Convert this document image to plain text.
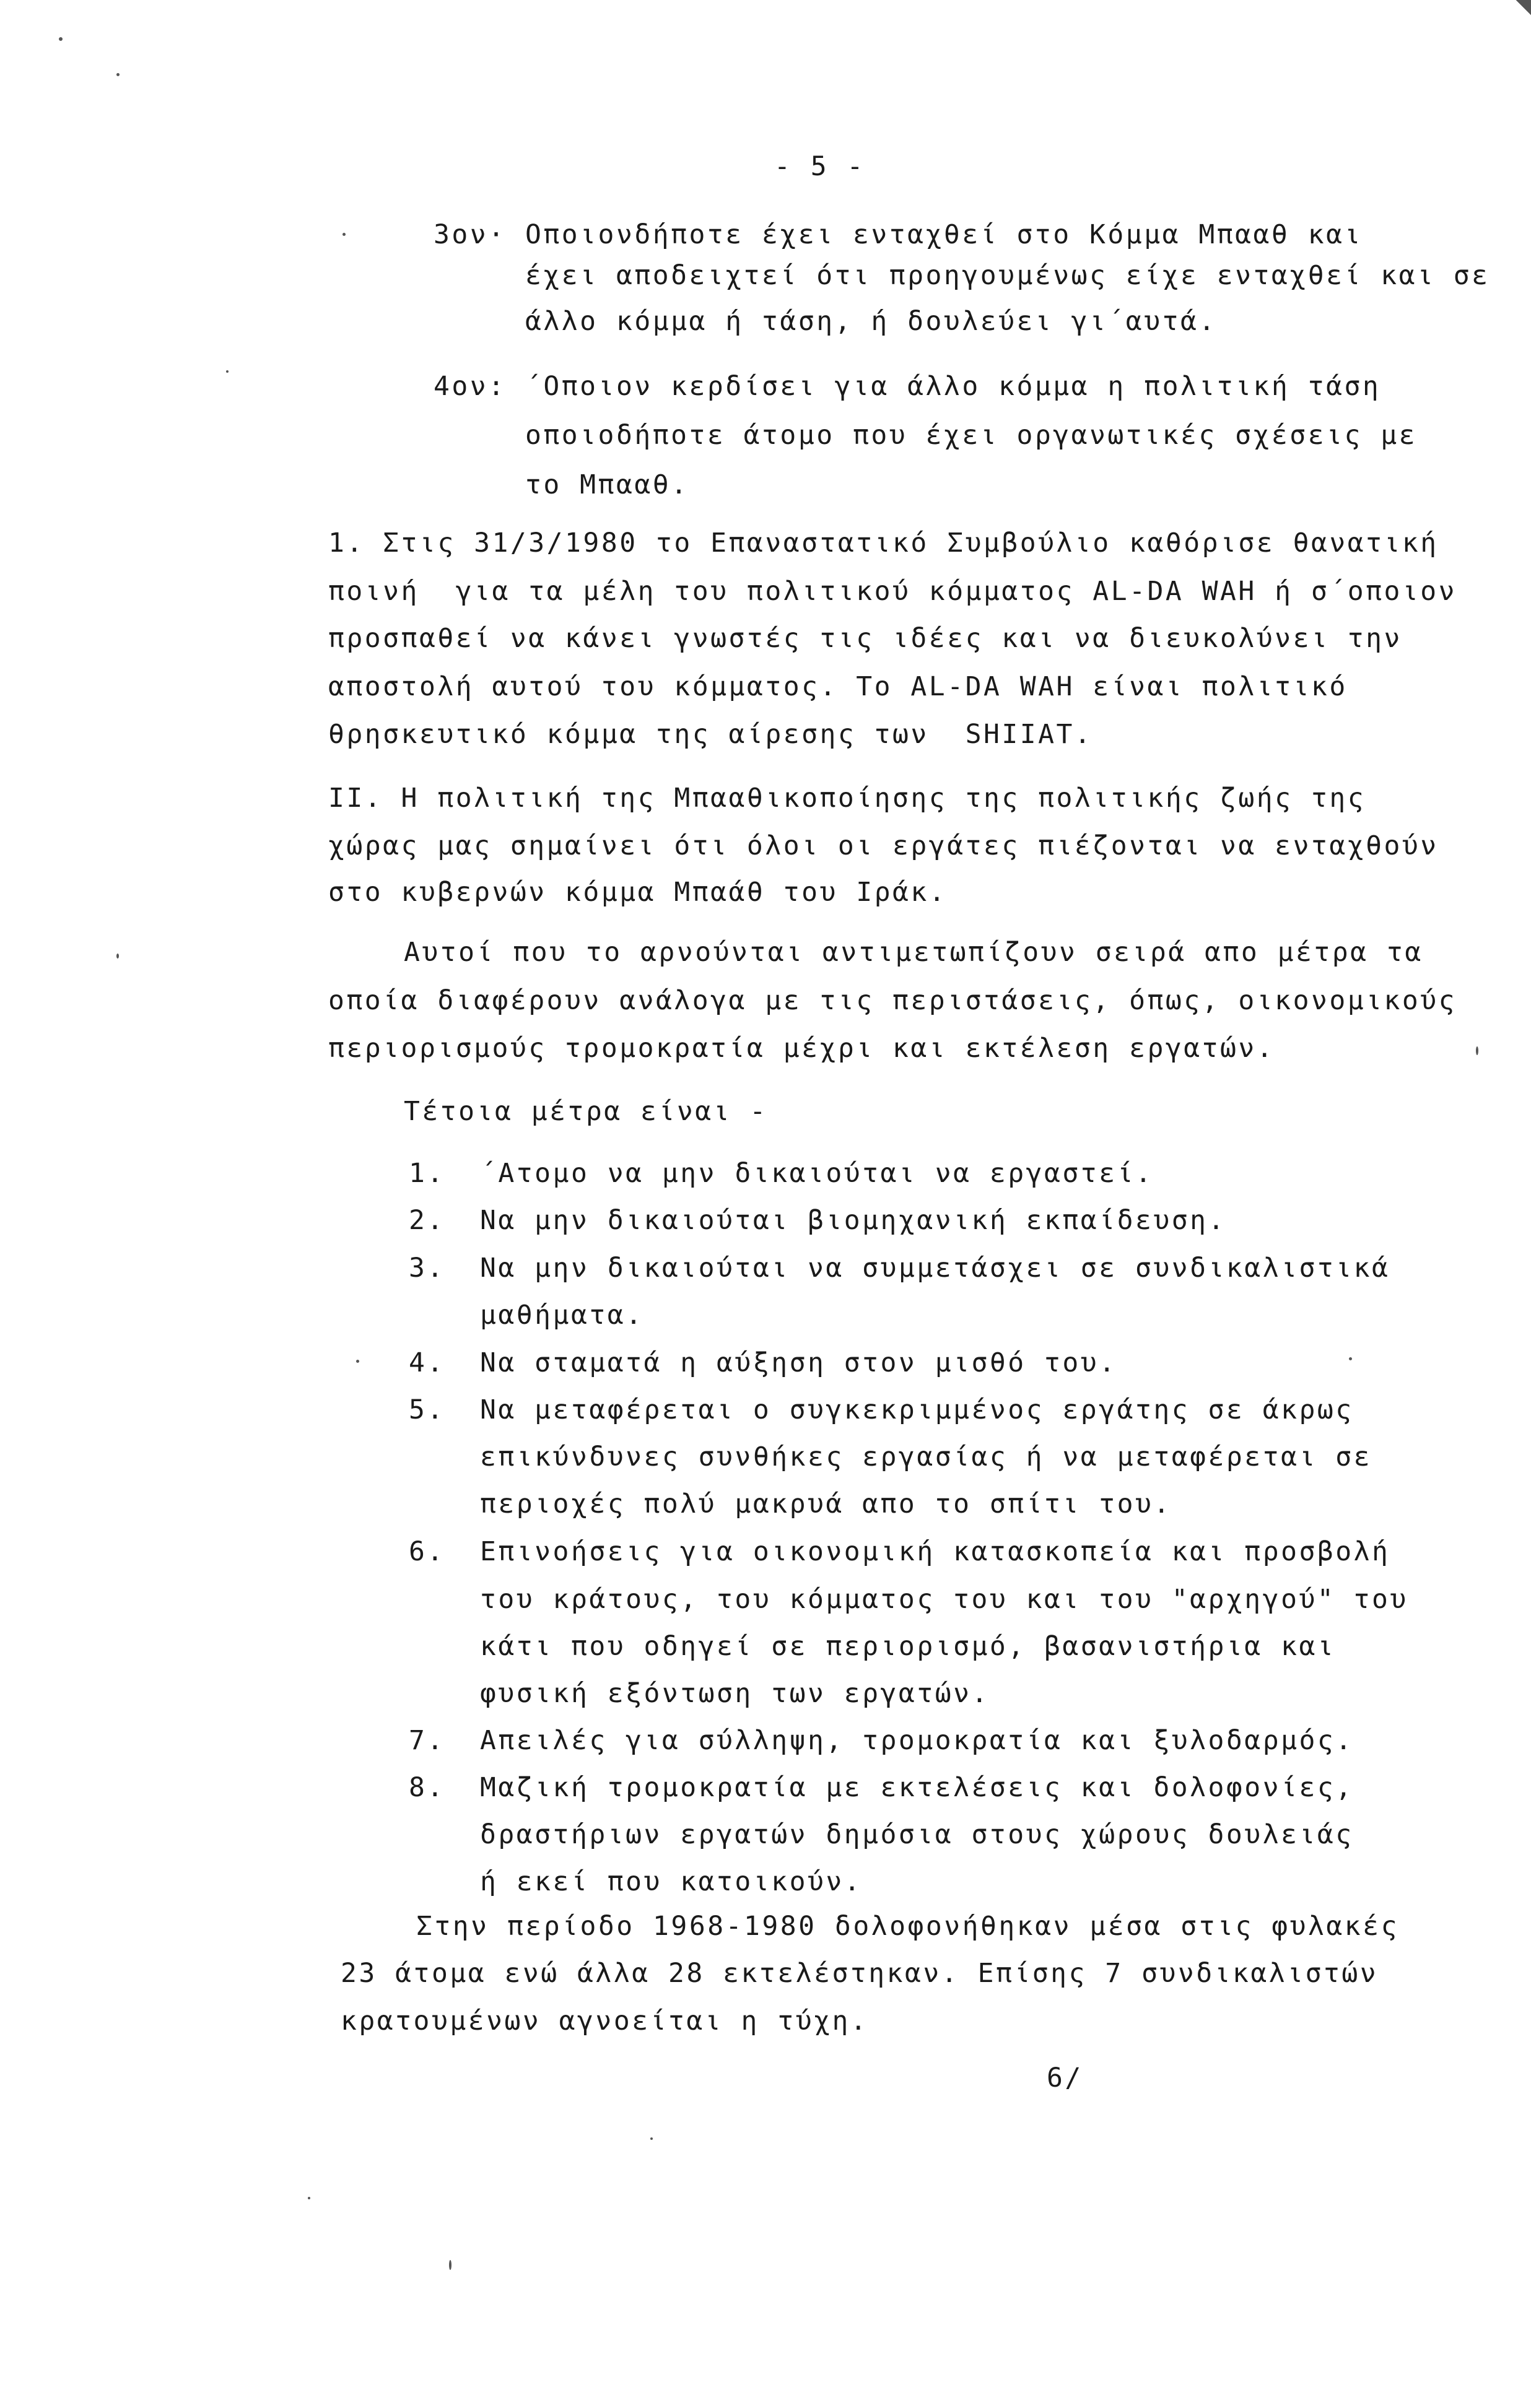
- 5 -
3ον· Οποιονδήποτε έχει ενταχθεί στο Κόμμα Μπααθ και
έχει αποδειχτεί ότι προηγουμένως είχε ενταχθεί και σε
άλλο κόμμα ή τάση, ή δουλεύει γι΄αυτά.
4ον: ΄Οποιον κερδίσει για άλλο κόμμα η πολιτική τάση
οποιοδήποτε άτομο που έχει οργανωτικές σχέσεις με
το Μπααθ.
1. Στις 31/3/1980 το Επαναστατικό Συμβούλιο καθόρισε θανατική
ποινή  για τα μέλη του πολιτικού κόμματος AL-DA WAH ή σ΄οποιον
προσπαθεί να κάνει γνωστές τις ιδέες και να διευκολύνει την
αποστολή αυτού του κόμματος. Το AL-DA WAH είναι πολιτικό
θρησκευτικό κόμμα της αίρεσης των  SHIIAT.
II. Η πολιτική της Μπααθικοποίησης της πολιτικής ζωής της
χώρας μας σημαίνει ότι όλοι οι εργάτες πιέζονται να ενταχθούν
στο κυβερνών κόμμα Μπαάθ του Ιράκ.
Αυτοί που το αρνούνται αντιμετωπίζουν σειρά απο μέτρα τα
οποία διαφέρουν ανάλογα με τις περιστάσεις, όπως, οικονομικούς
περιορισμούς τρομοκρατία μέχρι και εκτέλεση εργατών.
Τέτοια μέτρα είναι -
1. ΄Ατομο να μην δικαιούται να εργαστεί.
2. Να μην δικαιούται βιομηχανική εκπαίδευση.
3. Να μην δικαιούται να συμμετάσχει σε συνδικαλιστικά
μαθήματα.
4. Να σταματά η αύξηση στον μισθό του.
5. Να μεταφέρεται ο συγκεκριμμένος εργάτης σε άκρως
επικύνδυνες συνθήκες εργασίας ή να μεταφέρεται σε
περιοχές πολύ μακρυά απο το σπίτι του.
6. Επινοήσεις για οικονομική κατασκοπεία και προσβολή
του κράτους, του κόμματος του και του "αρχηγού" του
κάτι που οδηγεί σε περιορισμό, βασανιστήρια και
φυσική εξόντωση των εργατών.
7. Απειλές για σύλληψη, τρομοκρατία και ξυλοδαρμός.
8. Μαζική τρομοκρατία με εκτελέσεις και δολοφονίες,
δραστήριων εργατών δημόσια στους χώρους δουλειάς
ή εκεί που κατοικούν.
Στην περίοδο 1968-1980 δολοφονήθηκαν μέσα στις φυλακές
23 άτομα ενώ άλλα 28 εκτελέστηκαν. Επίσης 7 συνδικαλιστών
κρατουμένων αγνοείται η τύχη.
6/
